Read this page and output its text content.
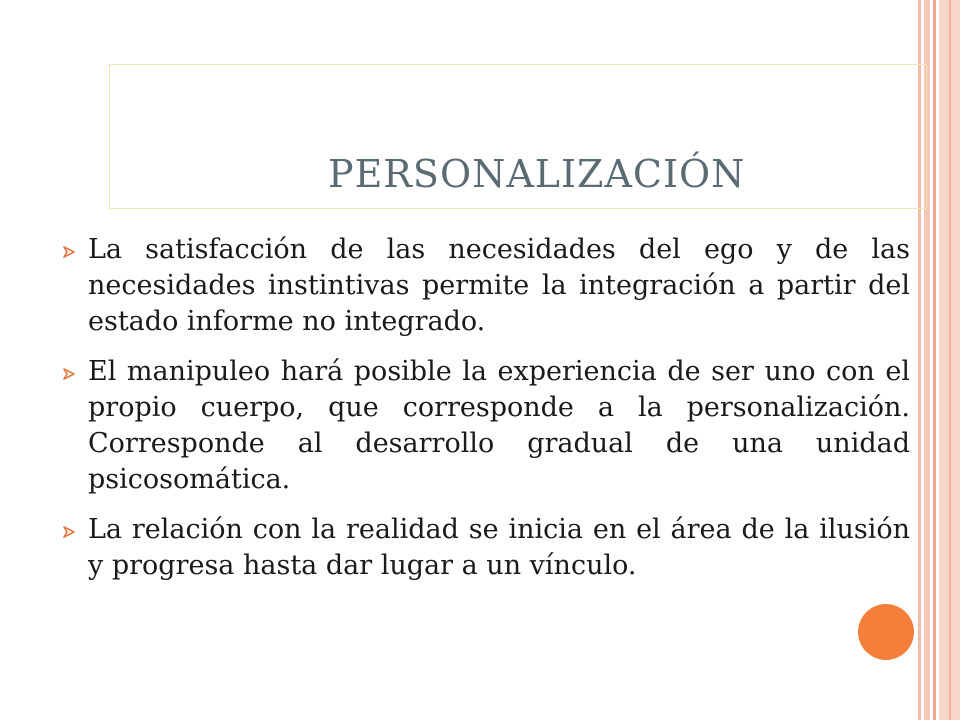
PERSONALIZACIÓN

La satisfacción de las necesidades del ego y de las necesidades instintivas permite la integración a partir del estado informe no integrado.

El manipuleo hará posible la experiencia de ser uno con el propio cuerpo, que corresponde a la personalización. Corresponde al desarrollo gradual de una unidad psicosomática.

La relación con la realidad se inicia en el área de la ilusión y progresa hasta dar lugar a un vínculo.
